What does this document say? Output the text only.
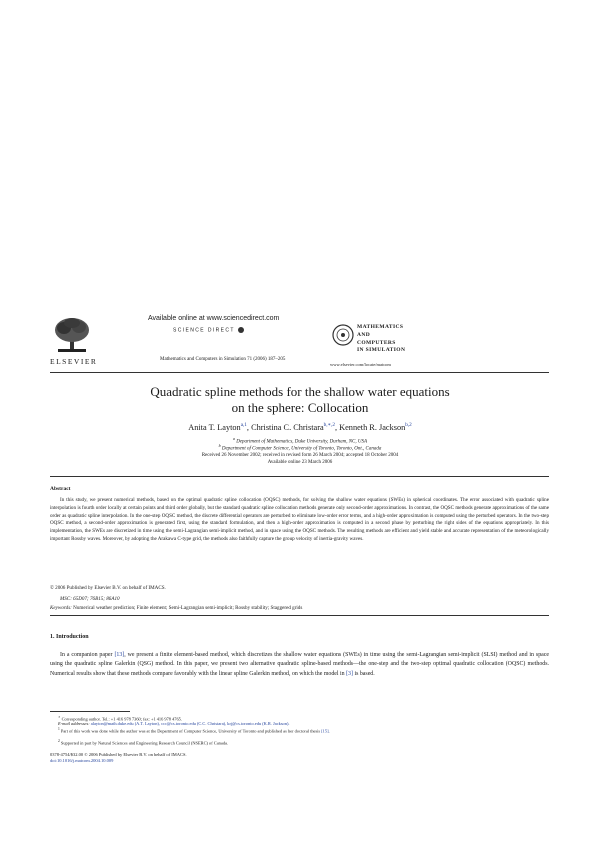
ELSEVIER
Available online at www.sciencedirect.com
SCIENCE DIRECT
Mathematics and Computers in Simulation 71 (2006) 187–205
MATHEMATICS
AND
COMPUTERS
IN SIMULATION
www.elsevier.com/locate/matcom
Quadratic spline methods for the shallow water equations
on the sphere: Collocation
Anita T. Layton$^{a,1}$, Christina C. Christara$^{b,∗,2}$, Kenneth R. Jackson$^{b,2}$
$^a$ Department of Mathematics, Duke University, Durham, NC, USA
$^b$ Department of Computer Science, University of Toronto, Toronto, Ont., Canada
Received 26 November 2002; received in revised form 26 March 2004; accepted 18 October 2004
Available online 23 March 2006
Abstract

In this study, we present numerical methods, based on the optimal quadratic spline collocation (OQSC) methods, for solving the shallow water equations (SWEs) in spherical coordinates. The error associated with quadratic spline interpolation is fourth order locally at certain points and third order globally, but the standard quadratic spline collocation methods generate only second-order approximations. In contrast, the OQSC methods generate approximations of the same order as quadratic spline interpolation. In the one-step OQSC method, the discrete differential operators are perturbed to eliminate low-order error terms, and a high-order approximation is computed using the perturbed operators. In the two-step OQSC method, a second-order approximation is generated first, using the standard formulation, and then a high-order approximation is computed in a second phase by perturbing the right sides of the equations appropriately. In this implementation, the SWEs are discretized in time using the semi-Lagrangian semi-implicit method, and in space using the OQSC methods. The resulting methods are efficient and yield stable and accurate representation of the meteorologically important Rossby waves. Moreover, by adopting the Arakawa C-type grid, the methods also faithfully capture the group velocity of inertia-gravity waves.

© 2006 Published by Elsevier B.V. on behalf of IMACS.
MSC: 65D07; 76B15; 86A10
Keywords: Numerical weather prediction; Finite element; Semi-Lagrangian semi-implicit; Rossby stability; Staggered grids
1. Introduction

In a companion paper [13], we present a finite element-based method, which discretizes the shallow water equations (SWEs) in time using the semi-Lagrangian semi-implicit (SLSI) method and in space using the quadratic spline Galerkin (QSG) method. In this paper, we present two alternative quadratic spline-based methods—the one-step and the two-step optimal quadratic collocation (OQSC) methods. Numerical results show that these methods compare favorably with the linear spline Galerkin method, on which the model in [3] is based.

∗ Corresponding author. Tel.: +1 416 978 7360; fax: +1 416 978 4765.
E-mail addresses: alayton@math.duke.edu (A.T. Layton), ccc@cs.toronto.edu (C.C. Christara), krj@cs.toronto.edu (K.R. Jackson).
$^1$ Part of this work was done while the author was at the Department of Computer Science, University of Toronto and published as her doctoral thesis [15].
$^2$ Supported in part by Natural Sciences and Engineering Research Council (NSERC) of Canada.
0378-4754/$32.00 © 2006 Published by Elsevier B.V. on behalf of IMACS.
doi:10.1016/j.matcom.2004.10.009
